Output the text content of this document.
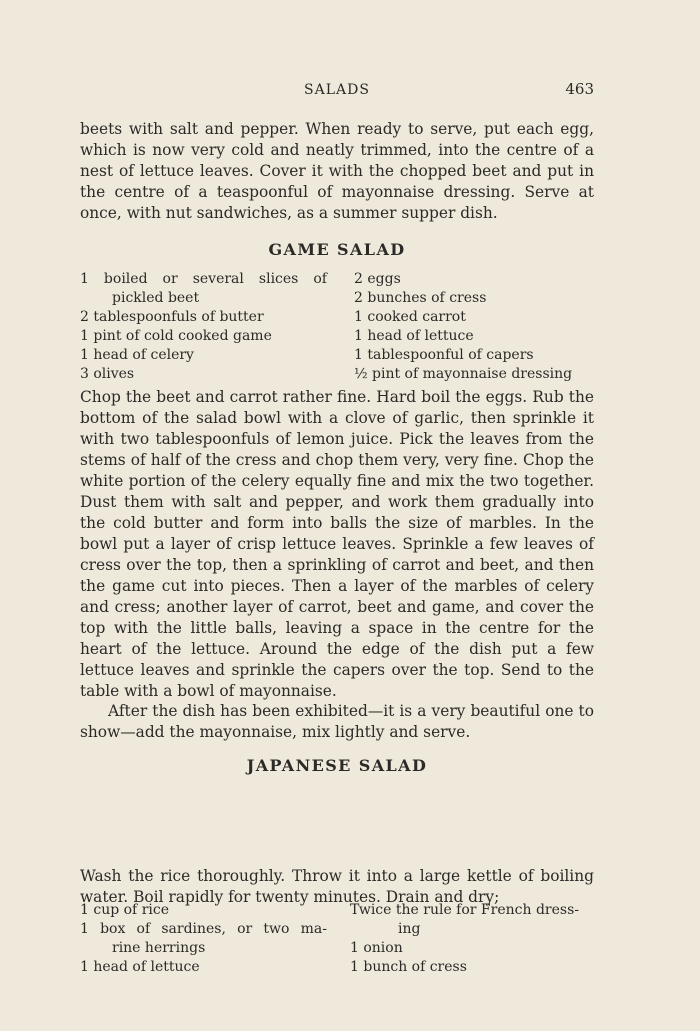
SALADS	463

beets with salt and pepper. When ready to serve, put each egg, which is now very cold and neatly trimmed, into the centre of a nest of lettuce leaves. Cover it with the chopped beet and put in the centre of a teaspoonful of mayonnaise dressing. Serve at once, with nut sandwiches, as a summer supper dish.

GAME SALAD

1 boiled or several slices of

pickled beet

2 tablespoonfuls of butter

1 pint of cold cooked game

1 head of celery

3 olives

2 eggs

2 bunches of cress

1 cooked carrot

1 head of lettuce

1 tablespoonful of capers

½ pint of mayonnaise dressing

Chop the beet and carrot rather fine. Hard boil the eggs. Rub the bottom of the salad bowl with a clove of garlic, then sprinkle it with two tablespoonfuls of lemon juice. Pick the leaves from the stems of half of the cress and chop them very, very fine. Chop the white portion of the celery equally fine and mix the two together. Dust them with salt and pepper, and work them gradually into the cold butter and form into balls the size of marbles. In the bowl put a layer of crisp lettuce leaves. Sprinkle a few leaves of cress over the top, then a sprinkling of carrot and beet, and then the game cut into pieces. Then a layer of the marbles of celery and cress; another layer of carrot, beet and game, and cover the top with the little balls, leaving a space in the centre for the heart of the lettuce. Around the edge of the dish put a few lettuce leaves and sprinkle the capers over the top. Send to the table with a bowl of mayonnaise.

After the dish has been exhibited—it is a very beautiful one to show—add the mayonnaise, mix lightly and serve.

JAPANESE SALAD

1 cup of rice

1 box of sardines, or two ma-

rine herrings

1 head of lettuce

Twice the rule for French dress-

ing

1 onion

1 bunch of cress

Wash the rice thoroughly. Throw it into a large kettle of boiling water. Boil rapidly for twenty minutes. Drain and dry;
